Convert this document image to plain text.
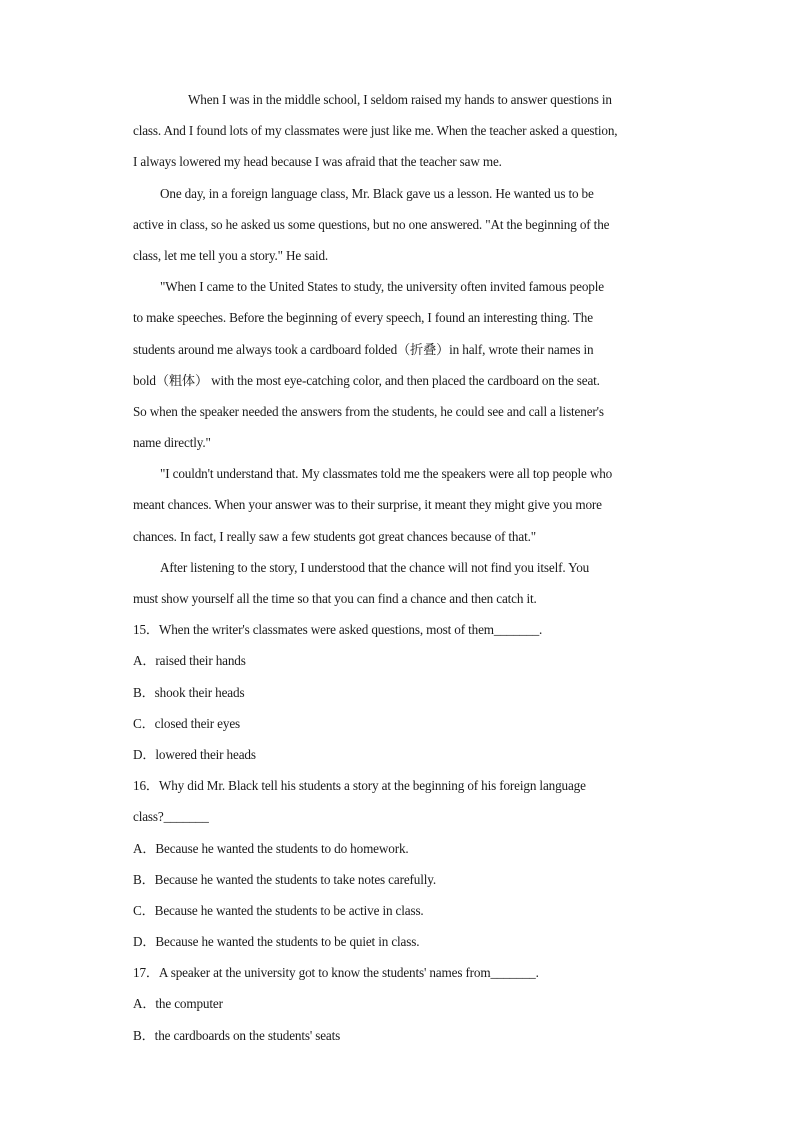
When I was in the middle school, I seldom raised my hands to answer questions in
class. And I found lots of my classmates were just like me. When the teacher asked a question,
I always lowered my head because I was afraid that the teacher saw me.
One day, in a foreign language class, Mr. Black gave us a lesson. He wanted us to be
active in class, so he asked us some questions, but no one answered. "At the beginning of the
class, let me tell you a story." He said.
"When I came to the United States to study, the university often invited famous people
to make speeches. Before the beginning of every speech, I found an interesting thing. The
students around me always took a cardboard folded（折叠）in half, wrote their names in
bold（粗体） with the most eye-catching color, and then placed the cardboard on the seat.
So when the speaker needed the answers from the students, he could see and call a listener's
name directly."
"I couldn't understand that. My classmates told me the speakers were all top people who
meant chances. When your answer was to their surprise, it meant they might give you more
chances. In fact, I really saw a few students got great chances because of that."
After listening to the story, I understood that the chance will not find you itself. You
must show yourself all the time so that you can find a chance and then catch it.
15．When the writer's classmates were asked questions, most of them_______.
A．raised their hands
B．shook their heads
C．closed their eyes
D．lowered their heads
16．Why did Mr. Black tell his students a story at the beginning of his foreign language
class?_______
A．Because he wanted the students to do homework.
B．Because he wanted the students to take notes carefully.
C．Because he wanted the students to be active in class.
D．Because he wanted the students to be quiet in class.
17．A speaker at the university got to know the students' names from_______.
A．the computer
B．the cardboards on the students' seats
